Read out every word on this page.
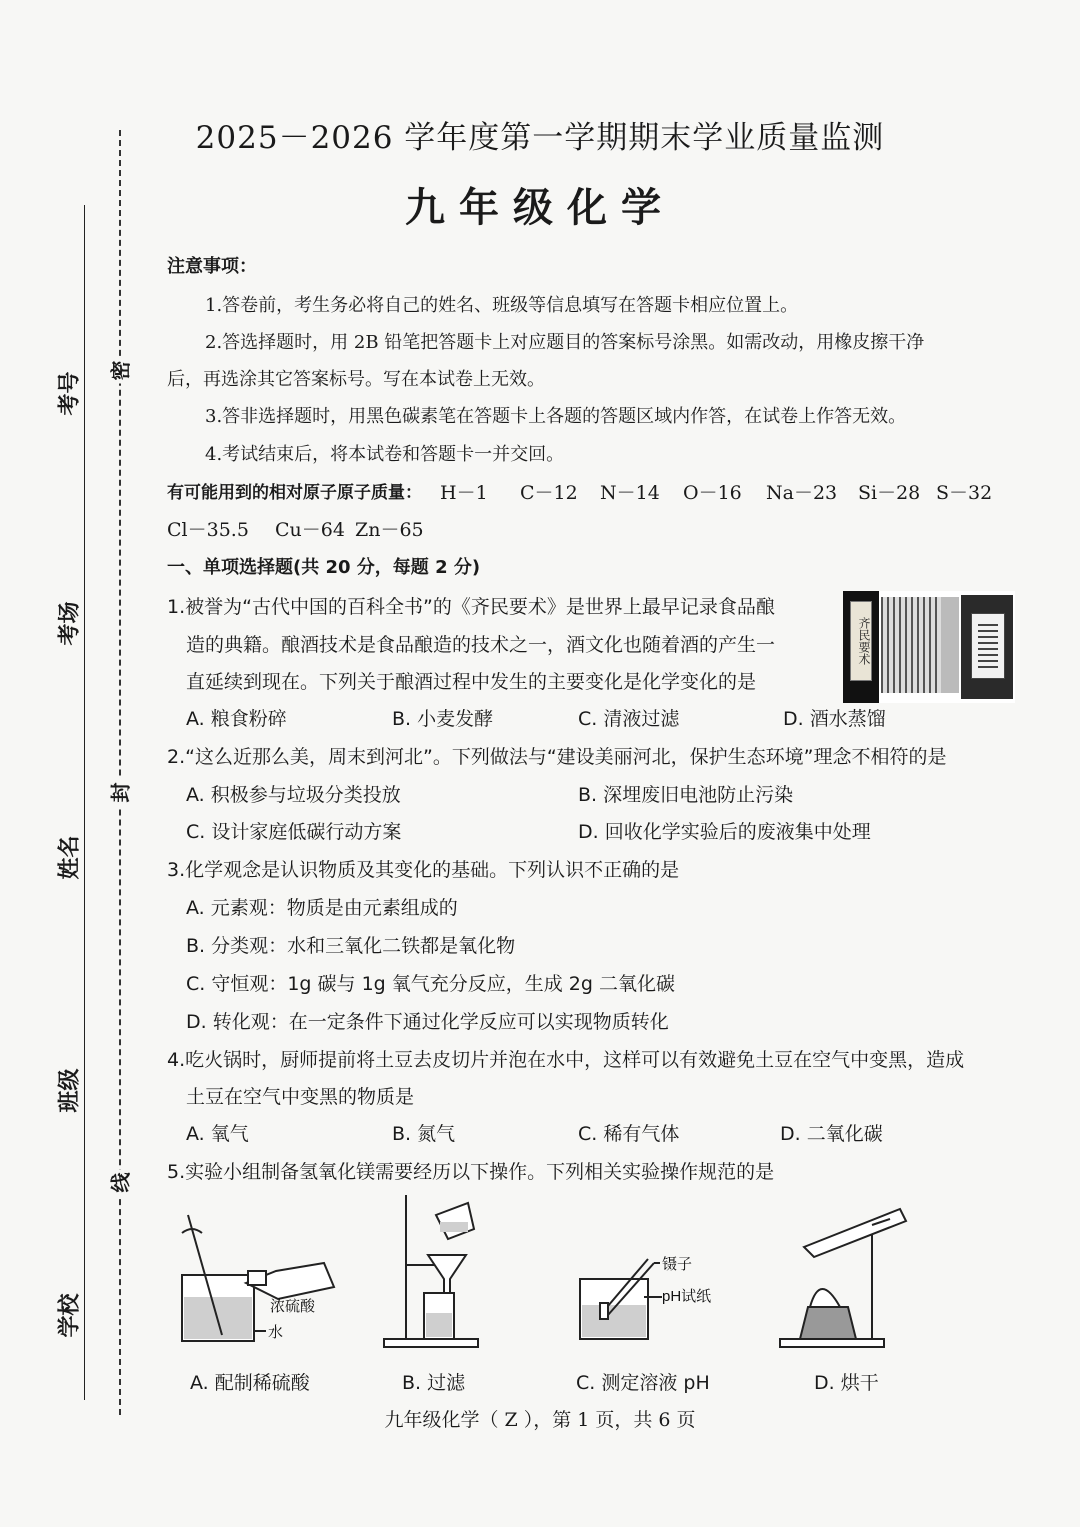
考号
考场
姓名
班级
学校
密
封
线
2025－2026 学年度第一学期期末学业质量监测
九年级化学
注意事项：
1.答卷前，考生务必将自己的姓名、班级等信息填写在答题卡相应位置上。
2.答选择题时，用 2B 铅笔把答题卡上对应题目的答案标号涂黑。如需改动，用橡皮擦干净
后，再选涂其它答案标号。写在本试卷上无效。
3.答非选择题时，用黑色碳素笔在答题卡上各题的答题区域内作答，在试卷上作答无效。
4.考试结束后，将本试卷和答题卡一并交回。
有可能用到的相对原子原子质量： H－1 C－12 N－14 O－16 Na－23 Si－28 S－32
Cl－35.5 Cu－64 Zn－65
一、单项选择题(共 20 分，每题 2 分)
1.被誉为“古代中国的百科全书”的《齐民要术》是世界上最早记录食品酿
造的典籍。酿酒技术是食品酿造的技术之一，酒文化也随着酒的产生一
直延续到现在。下列关于酿酒过程中发生的主要变化是化学变化的是
齐民要术
A. 粮食粉碎	B. 小麦发酵	C. 清液过滤	D. 酒水蒸馏
2.“这么近那么美，周末到河北”。下列做法与“建设美丽河北，保护生态环境”理念不相符的是
A. 积极参与垃圾分类投放	B. 深埋废旧电池防止污染
C. 设计家庭低碳行动方案	D. 回收化学实验后的废液集中处理
3.化学观念是认识物质及其变化的基础。下列认识不正确的是
A. 元素观：物质是由元素组成的
B. 分类观：水和三氧化二铁都是氧化物
C. 守恒观：1g 碳与 1g 氧气充分反应，生成 2g 二氧化碳
D. 转化观：在一定条件下通过化学反应可以实现物质转化
4.吃火锅时，厨师提前将土豆去皮切片并泡在水中，这样可以有效避免土豆在空气中变黑，造成
土豆在空气中变黑的物质是
A. 氧气	B. 氮气	C. 稀有气体	D. 二氧化碳
5.实验小组制备氢氧化镁需要经历以下操作。下列相关实验操作规范的是
浓硫酸
水
镊子
pH试纸
A. 配制稀硫酸	B. 过滤	C. 测定溶液 pH	D. 烘干
九年级化学（ Z ），第 1 页，共 6 页
